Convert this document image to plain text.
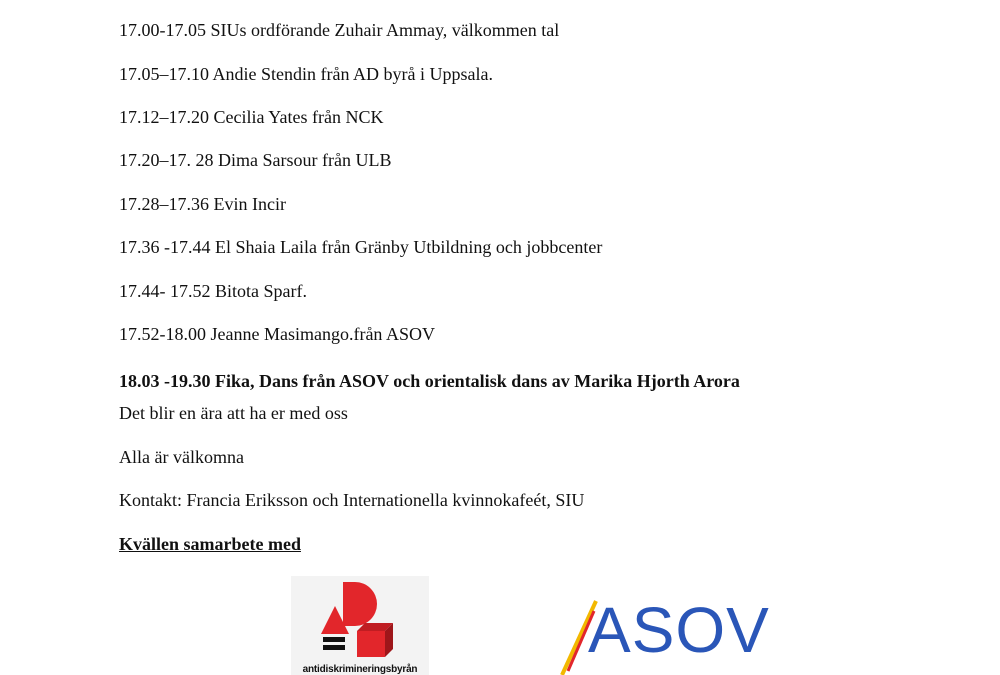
17.00-17.05 SIUs ordförande Zuhair Ammay, välkommen tal
17.05–17.10 Andie Stendin från AD byrå i Uppsala.
17.12–17.20 Cecilia Yates från NCK
17.20–17. 28 Dima Sarsour från ULB
17.28–17.36 Evin Incir
17.36 -17.44 El Shaia Laila från Gränby Utbildning och jobbcenter
17.44- 17.52 Bitota Sparf.
17.52-18.00 Jeanne Masimango.från ASOV
18.03 -19.30 Fika, Dans från ASOV och orientalisk dans av Marika Hjorth Arora
Det blir en ära att ha er med oss
Alla är välkomna
Kontakt: Francia Eriksson och Internationella kvinnokafeét, SIU
Kvällen samarbete med
antidiskrimineringsbyrån
ASOV
